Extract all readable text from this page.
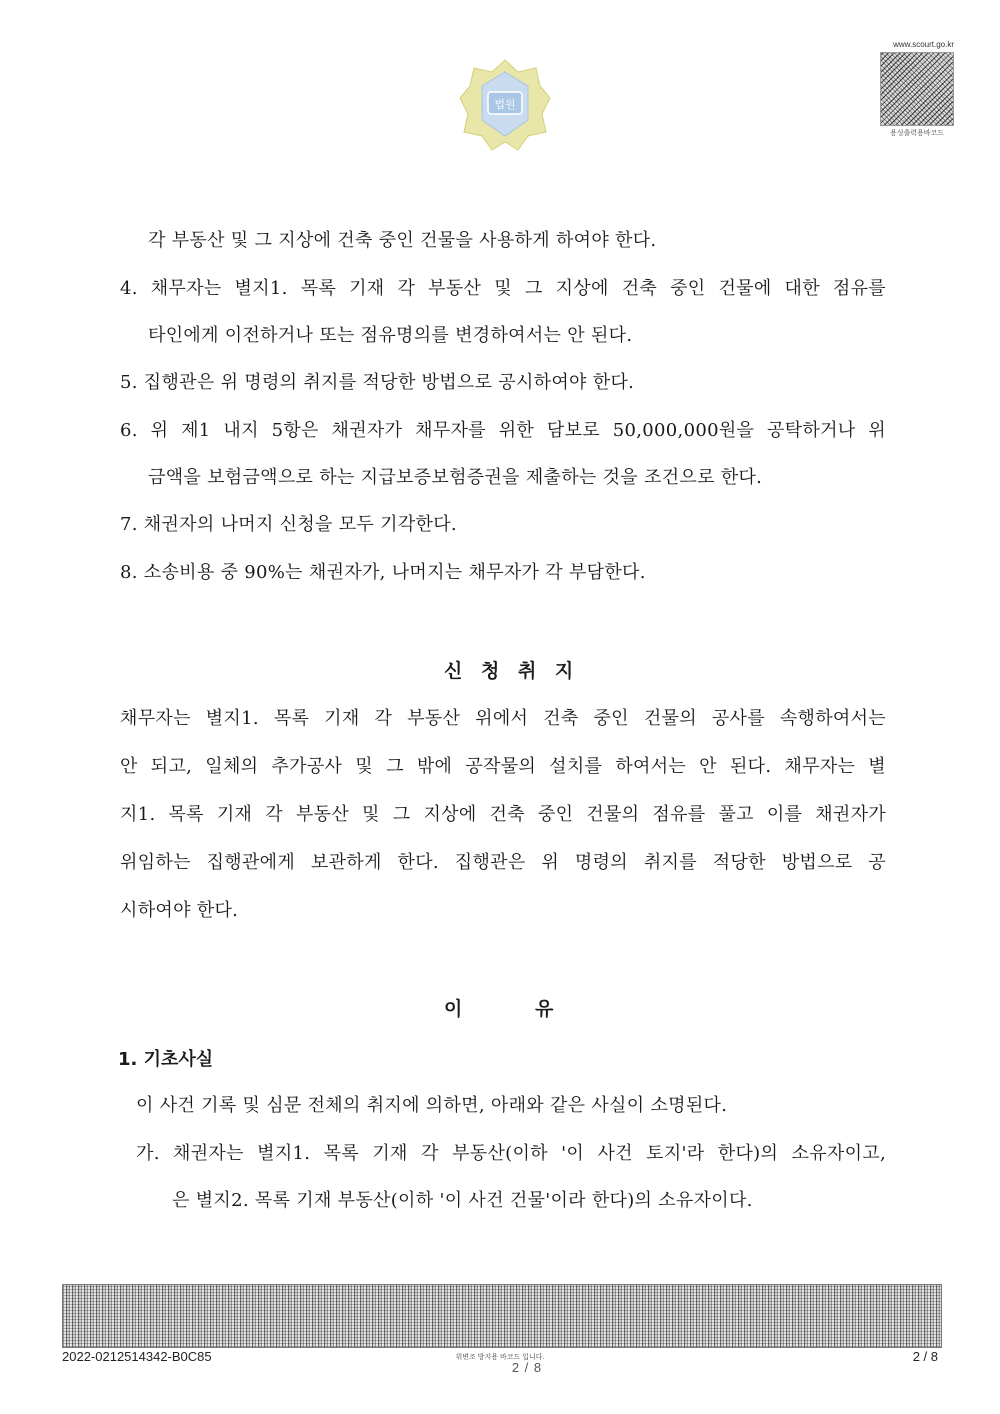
법원
www.scourt.go.kr
용성출력용바코드
각 부동산 및 그 지상에 건축 중인 건물을 사용하게 하여야 한다.
4. 채무자는 별지1. 목록 기재 각 부동산 및 그 지상에 건축 중인 건물에 대한 점유를
타인에게 이전하거나 또는 점유명의를 변경하여서는 안 된다.
5. 집행관은 위 명령의 취지를 적당한 방법으로 공시하여야 한다.
6. 위 제1 내지 5항은 채권자가 채무자를 위한 담보로 50,000,000원을 공탁하거나 위
금액을 보험금액으로 하는 지급보증보험증권을 제출하는 것을 조건으로 한다.
7. 채권자의 나머지 신청을 모두 기각한다.
8. 소송비용 중 90%는 채권자가, 나머지는 채무자가 각 부담한다.
신 청 취 지
채무자는 별지1. 목록 기재 각 부동산 위에서 건축 중인 건물의 공사를 속행하여서는
안 되고, 일체의 추가공사 및 그 밖에 공작물의 설치를 하여서는 안 된다. 채무자는 별
지1. 목록 기재 각 부동산 및 그 지상에 건축 중인 건물의 점유를 풀고 이를 채권자가
위임하는 집행관에게 보관하게 한다. 집행관은 위 명령의 취지를 적당한 방법으로 공
시하여야 한다.
이	유
1. 기초사실
이 사건 기록 및 심문 전체의 취지에 의하면, 아래와 같은 사실이 소명된다.
가. 채권자는 별지1. 목록 기재 각 부동산(이하 '이 사건 토지'라 한다)의 소유자이고,
은 별지2. 목록 기재 부동산(이하 '이 사건 건물'이라 한다)의 소유자이다.
2022-0212514342-B0C85	위변조 방지용 바코드 입니다.
2 / 8
2 / 8
